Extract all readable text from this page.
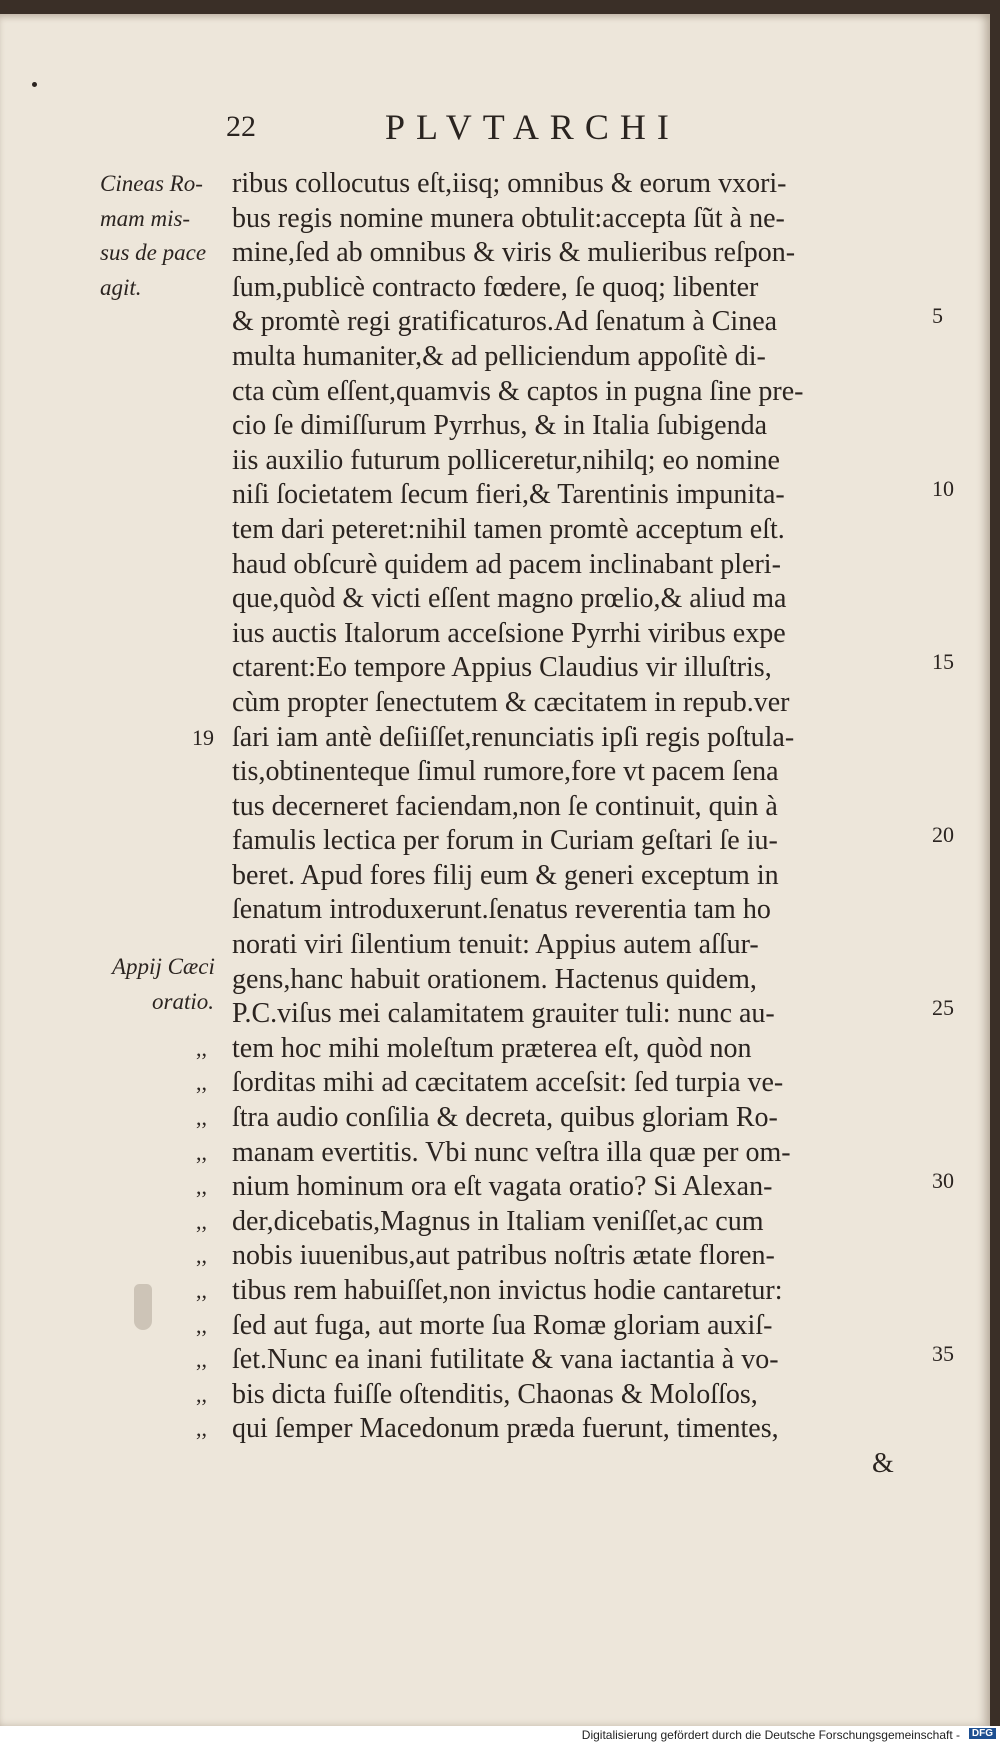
22	PLVTARCHI
Cineas Ro-
mam mis-
sus de pace
agit.
Appij Cæci
oratio.
ribus collocutus eſt,iisq; omnibus & eorum vxori-
bus regis nomine munera obtulit:accepta ſũt à ne-
mine,ſed ab omnibus & viris & mulieribus reſpon-
ſum,publicè contracto fœdere, ſe quoq; libenter
& promtè regi gratificaturos.Ad ſenatum à Cinea	5
multa humaniter,& ad pelliciendum appoſitè di-
cta cùm eſſent,quamvis & captos in pugna ſine pre-
cio ſe dimiſſurum Pyrrhus, & in Italia ſubigenda
iis auxilio futurum polliceretur,nihilq; eo nomine
niſi ſocietatem ſecum fieri,& Tarentinis impunita-	10
tem dari peteret:nihil tamen promtè acceptum eſt.
haud obſcurè quidem ad pacem inclinabant pleri-
que,quòd & victi eſſent magno prœlio,& aliud ma
ius auctis Italorum acceſsione Pyrrhi viribus expe
ctarent:Eo tempore Appius Claudius vir illuſtris,	15
cùm propter ſenectutem & cæcitatem in repub.ver
19 ſari iam antè deſiiſſet,renunciatis ipſi regis poſtula-
tis,obtinenteque ſimul rumore,fore vt pacem ſena
tus decerneret faciendam,non ſe continuit, quin à
famulis lectica per forum in Curiam geſtari ſe iu-	20
beret. Apud fores filij eum & generi exceptum in
ſenatum introduxerunt.ſenatus reverentia tam ho
norati viri ſilentium tenuit: Appius autem aſſur-
gens,hanc habuit orationem. Hactenus quidem,
P.C.viſus mei calamitatem grauiter tuli: nunc au-	25
,, tem hoc mihi moleſtum præterea eſt, quòd non
,, ſorditas mihi ad cæcitatem acceſsit: ſed turpia ve-
,, ſtra audio conſilia & decreta, quibus gloriam Ro-
,, manam evertitis. Vbi nunc veſtra illa quæ per om-
,, nium hominum ora eſt vagata oratio? Si Alexan-	30
,, der,dicebatis,Magnus in Italiam veniſſet,ac cum
,, nobis iuuenibus,aut patribus noſtris ætate floren-
,, tibus rem habuiſſet,non invictus hodie cantaretur:
,, ſed aut fuga, aut morte ſua Romæ gloriam auxiſ-
,, ſet.Nunc ea inani futilitate & vana iactantia à vo-	35
,, bis dicta fuiſſe oſtenditis, Chaonas & Moloſſos,
,, qui ſemper Macedonum præda fuerunt, timentes,
&
Digitalisierung gefördert durch die Deutsche Forschungsgemeinschaft -	DFG
